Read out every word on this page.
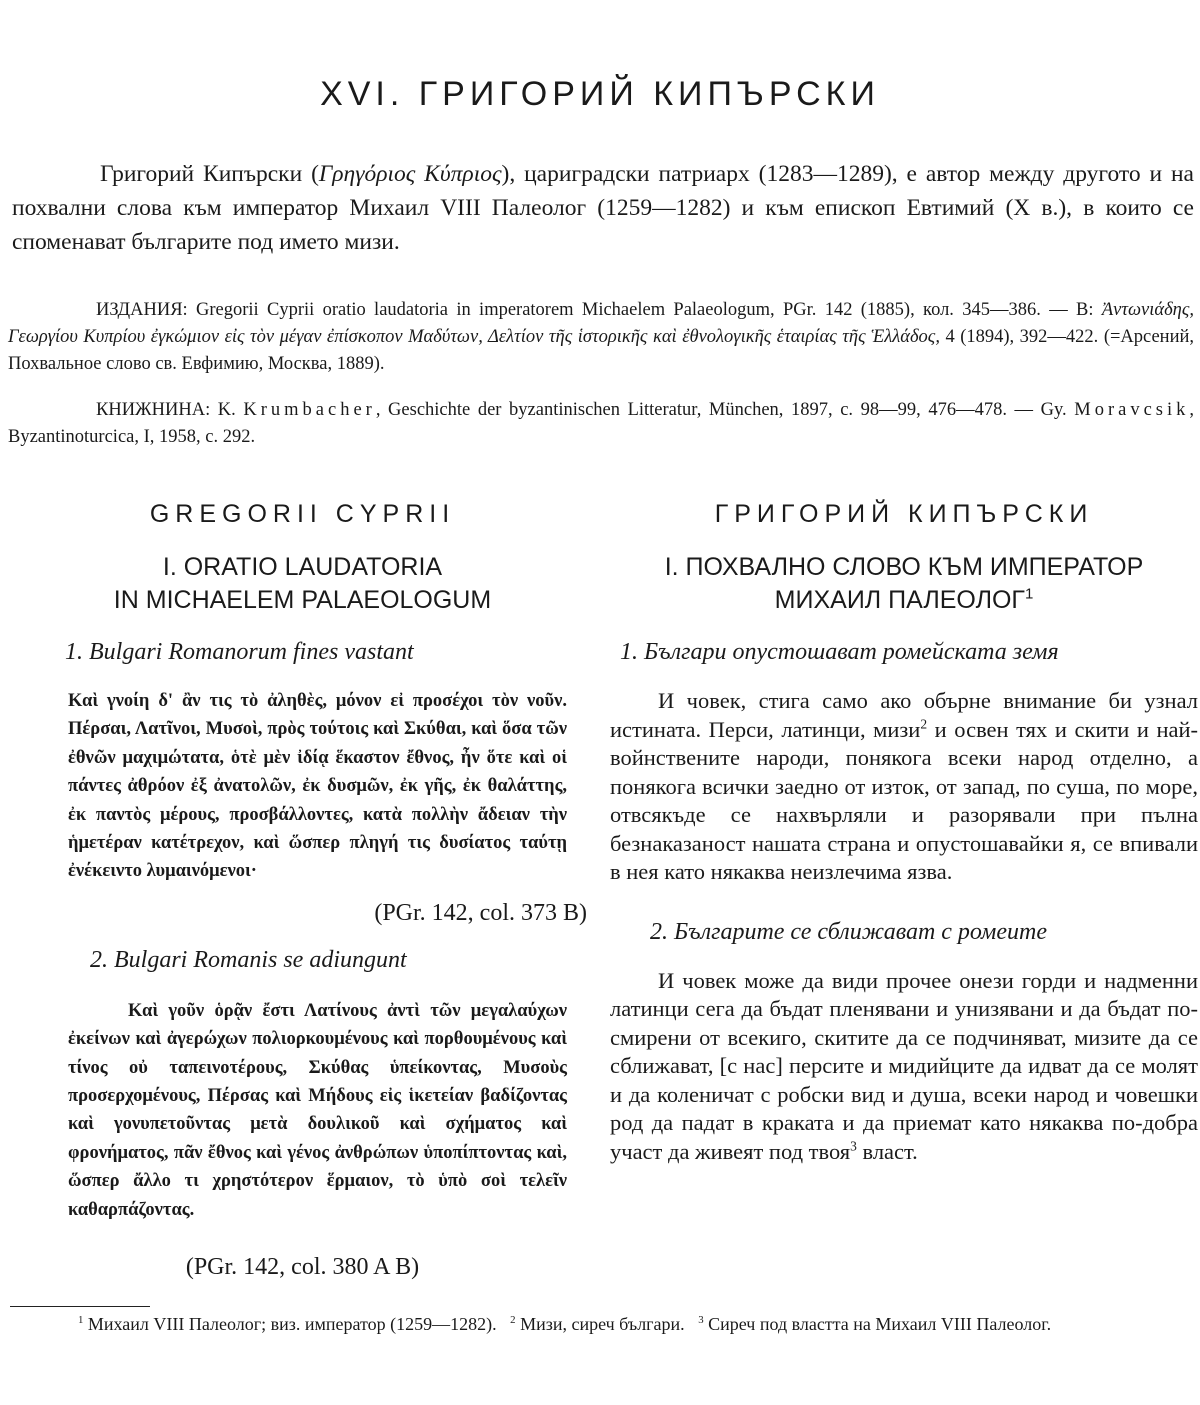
XVI. ГРИГОРИЙ КИПЪРСКИ

Григорий Кипърски (Γρηγόριος Κύπριος), цариградски патриарх (1283—1289), е автор между другото и на похвални слова към император Михаил VIII Палеолог (1259—1282) и към епископ Евтимий (X в.), в които се споменават българите под името мизи.

ИЗДАНИЯ: Gregorii Cyprii oratio laudatoria in imperatorem Michaelem Palaeologum, PGr. 142 (1885), кол. 345—386. — В: Ἀντωνιάδης, Γεωργίου Κυπρίου ἐγκώμιον εἰς τὸν μέγαν ἐπίσκοπον Μαδύτων, Δελτίον τῆς ἱστορικῆς καὶ ἐθνολογικῆς ἑταιρίας τῆς Ἑλλάδος, 4 (1894), 392—422. (=Арсений, Похвальное слово св. Евфимию, Москва, 1889).

КНИЖНИНА: K. Krumbacher, Geschichte der byzantinischen Litteratur, München, 1897, с. 98—99, 476—478. — Gy. Moravcsik, Byzantinoturcica, I, 1958, с. 292.

GREGORII CYPRII
I. ORATIO LAUDATORIA
IN MICHAELEM PALAEOLOGUM

1. Bulgari Romanorum fines vastant

Καὶ γνοίη δ' ἂν τις τὸ ἀληθὲς, μόνον εἰ προσέχοι τὸν νοῦν. Πέρσαι, Λατῖνοι, Μυσοὶ, πρὸς τούτοις καὶ Σκύθαι, καὶ ὅσα τῶν ἐθνῶν μαχιμώτατα, ὁτὲ μὲν ἰδίᾳ ἕκαστον ἔθνος, ἦν ὅτε καὶ οἱ πάντες ἀθρόον ἐξ ἀνατολῶν, ἐκ δυσμῶν, ἐκ γῆς, ἐκ θαλάττης, ἐκ παντὸς μέρους, προσβάλλοντες, κατὰ πολλὴν ἄδειαν τὴν ἡμετέραν κατέτρεχον, καὶ ὥσπερ πληγή τις δυσίατος ταύτῃ ἐνέκειντο λυμαινόμενοι·

(PGr. 142, col. 373 B)

2. Bulgari Romanis se adiungunt

Καὶ γοῦν ὁρᾷν ἔστι Λατίνους ἀντὶ τῶν μεγαλαύχων ἐκείνων καὶ ἀγερώχων πολιορκουμένους καὶ πορθουμένους καὶ τίνος οὐ ταπεινοτέρους, Σκύθας ὑπείκοντας, Μυσοὺς προσερχομένους, Πέρσας καὶ Μήδους εἰς ἱκετείαν βαδίζοντας καὶ γονυπετοῦντας μετὰ δουλικοῦ καὶ σχήματος καὶ φρονήματος, πᾶν ἔθνος καὶ γένος ἀνθρώπων ὑποπίπτοντας καὶ, ὥσπερ ἄλλο τι χρηστότερον ἕρμαιον, τὸ ὑπὸ σοὶ τελεῖν καθαρπάζοντας.

(PGr. 142, col. 380 A B)

ГРИГОРИЙ КИПЪРСКИ
I. ПОХВАЛНО СЛОВО КЪМ ИМПЕРАТОР
МИХАИЛ ПАЛЕОЛОГ$^1$

1. Българи опустошават ромейската земя

И човек, стига само ако обърне внимание би узнал истината. Перси, латинци, мизи$^2$ и освен тях и скити и най-войнствените народи, понякога всеки народ отделно, а понякога всички заедно от изток, от запад, по суша, по море, отвсякъде се нахвърляли и разорявали при пълна безнаказаност нашата страна и опустошавайки я, се впивали в нея като някаква неизлечима язва.

2. Българите се сближават с ромеите

И човек може да види прочее онези горди и надменни латинци сега да бъдат пленявани и унизявани и да бъдат по-смирени от всекиго, скитите да се подчиняват, мизите да се сближават, [с нас] персите и мидийците да идват да се молят и да коленичат с робски вид и душа, всеки народ и човешки род да падат в краката и да приемат като някаква по-добра участ да живеят под твоя$^3$ власт.

$^1$ Михаил VIII Палеолог; виз. император (1259—1282). $^2$ Мизи, сиреч българи. $^3$ Сиреч под властта на Михаил VIII Палеолог.
